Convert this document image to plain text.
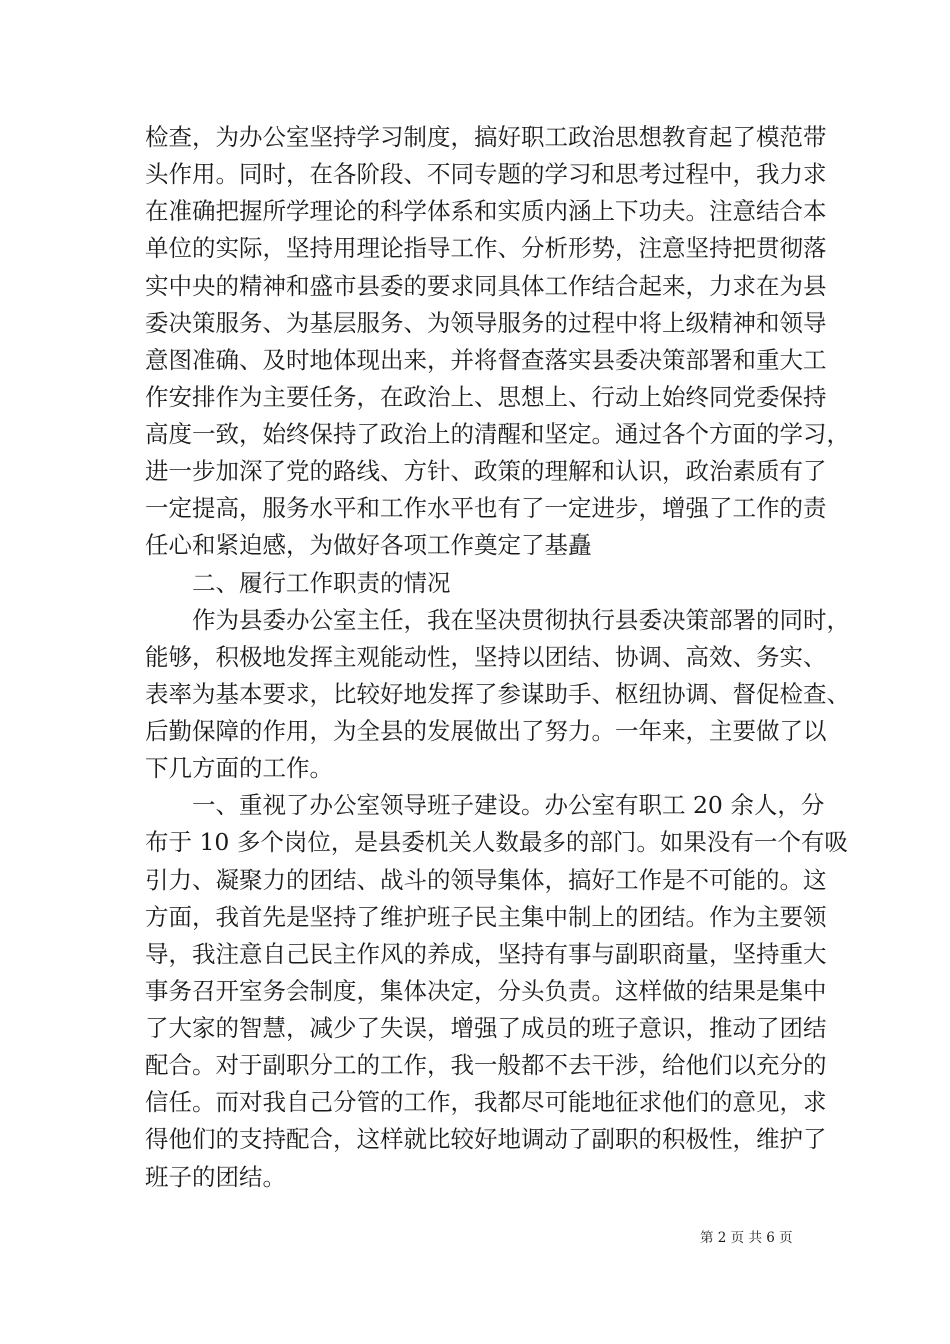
检查，为办公室坚持学习制度，搞好职工政治思想教育起了模范带
头作用。同时，在各阶段、不同专题的学习和思考过程中，我力求
在准确把握所学理论的科学体系和实质内涵上下功夫。注意结合本
单位的实际，坚持用理论指导工作、分析形势，注意坚持把贯彻落
实中央的精神和盛市县委的要求同具体工作结合起来，力求在为县
委决策服务、为基层服务、为领导服务的过程中将上级精神和领导
意图准确、及时地体现出来，并将督查落实县委决策部署和重大工
作安排作为主要任务，在政治上、思想上、行动上始终同党委保持
高度一致，始终保持了政治上的清醒和坚定。通过各个方面的学习，
进一步加深了党的路线、方针、政策的理解和认识，政治素质有了
一定提高，服务水平和工作水平也有了一定进步，增强了工作的责
任心和紧迫感，为做好各项工作奠定了基矗
　　二、履行工作职责的情况
　　作为县委办公室主任，我在坚决贯彻执行县委决策部署的同时，
能够，积极地发挥主观能动性，坚持以团结、协调、高效、务实、
表率为基本要求，比较好地发挥了参谋助手、枢纽协调、督促检查、
后勤保障的作用，为全县的发展做出了努力。一年来，主要做了以
下几方面的工作。
　　一、重视了办公室领导班子建设。办公室有职工 20 余人，分
布于 10 多个岗位，是县委机关人数最多的部门。如果没有一个有吸
引力、凝聚力的团结、战斗的领导集体，搞好工作是不可能的。这
方面，我首先是坚持了维护班子民主集中制上的团结。作为主要领
导，我注意自己民主作风的养成，坚持有事与副职商量，坚持重大
事务召开室务会制度，集体决定，分头负责。这样做的结果是集中
了大家的智慧，减少了失误，增强了成员的班子意识，推动了团结
配合。对于副职分工的工作，我一般都不去干涉，给他们以充分的
信任。而对我自己分管的工作，我都尽可能地征求他们的意见，求
得他们的支持配合，这样就比较好地调动了副职的积极性，维护了
班子的团结。
第 2 页 共 6 页
